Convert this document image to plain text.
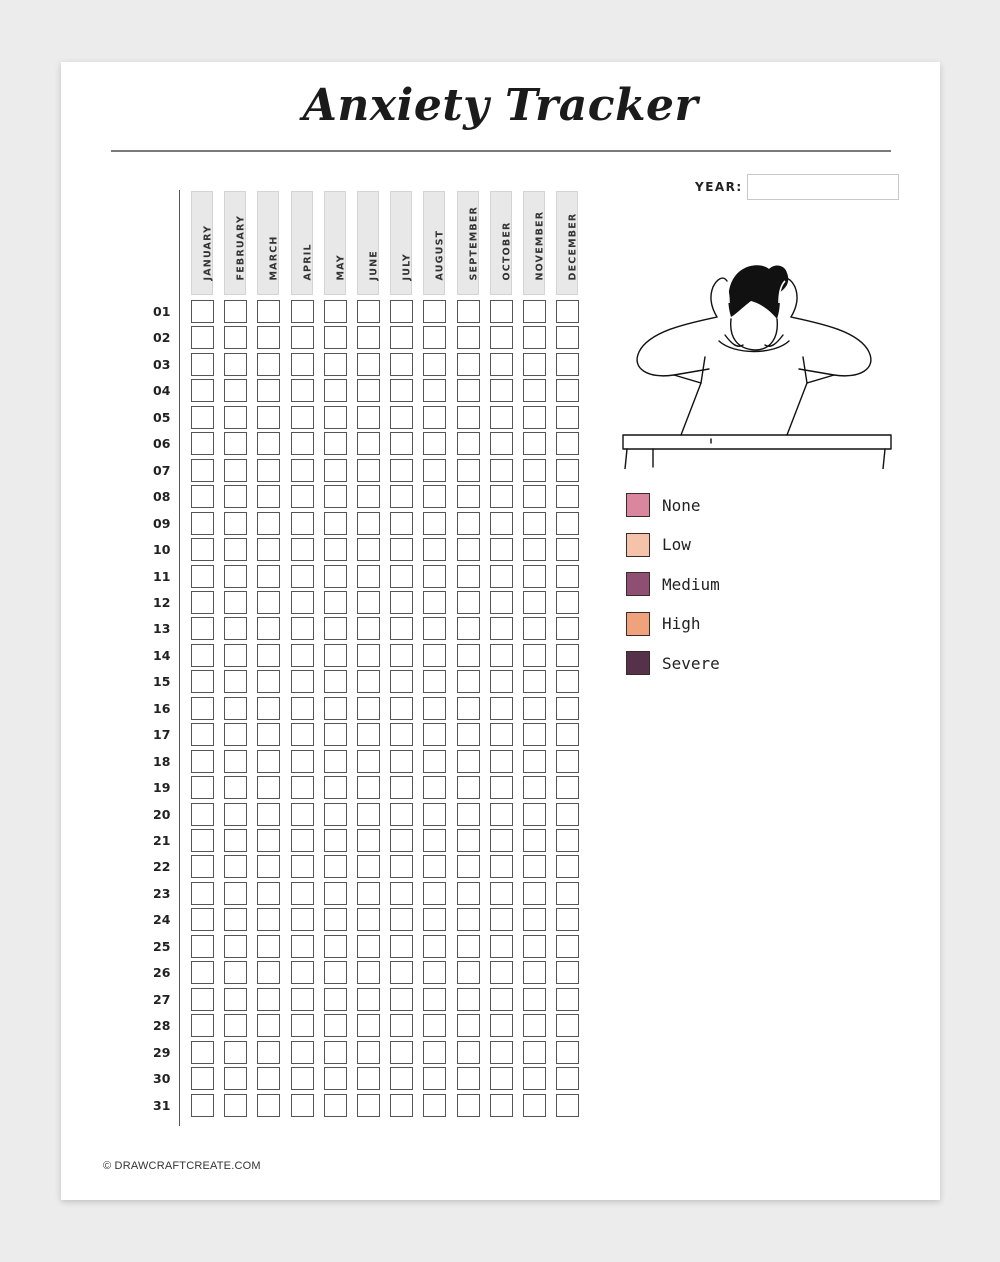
Anxiety Tracker
YEAR:
JANUARY FEBRUARY MARCH APRIL MAY JUNE JULY AUGUST SEPTEMBER OCTOBER NOVEMBER DECEMBER
01
02
03
04
05
06
07
08
09
10
11
12
13
14
15
16
17
18
19
20
21
22
23
24
25
26
27
28
29
30
31
None
Low
Medium
High
Severe
© DRAWCRAFTCREATE.COM
